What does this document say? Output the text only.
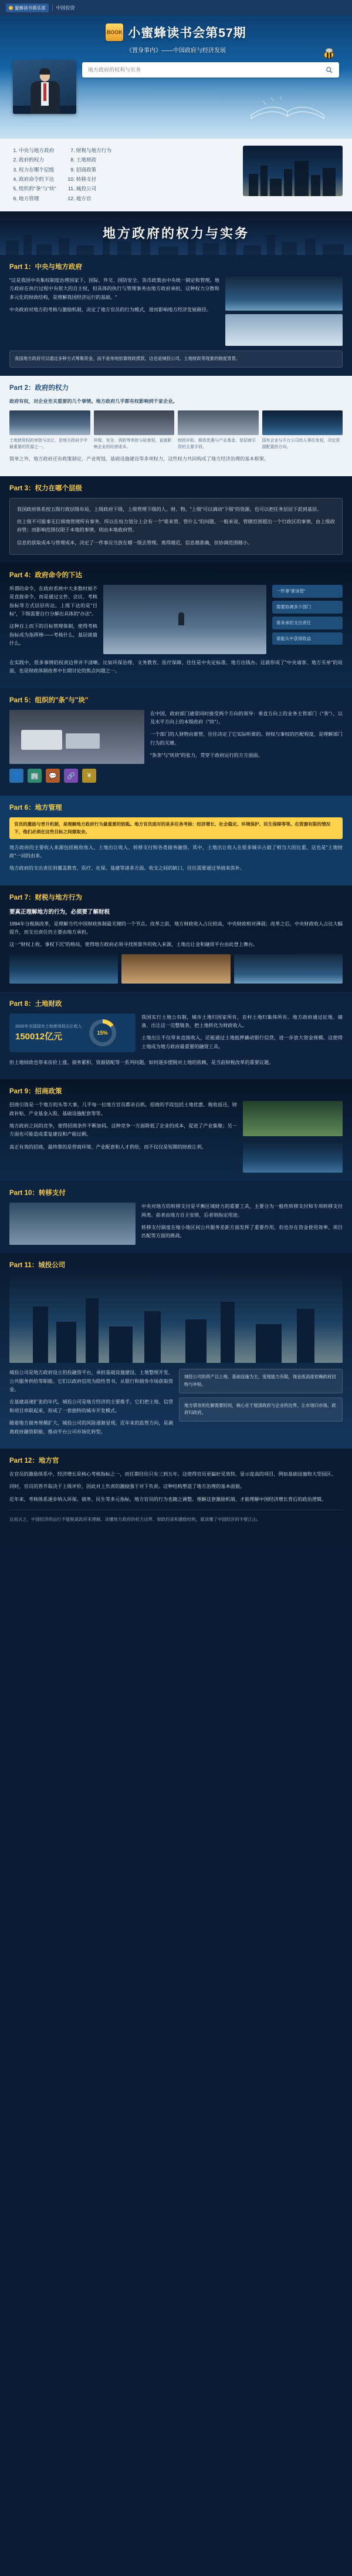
蜜蜂读书俱乐部 中国投资
BOOK 小蜜蜂读书会第57期
《置身事内》——中国政府与经济发展
地方政府的权利与实务
1. 中央与地方政府
2. 政府的权力
3. 权力在哪个层级
4. 政府命令的下达
5. 组织的"条"与"块"
6. 地方管理
7. 财税与地方行为
8. 土地财政
9. 招商政策
10. 转移支付
11. 城投公司
12. 地方官
地方政府的权力与实务
Part 1：中央与地方政府

"这是我国中央集权制度治理国家下，国际、外交、国防安全、货币政策由中央统一制定和管理。地方政府在执行过程中有很大的自主权，但具体的执行与管理事务由地方政府承担，这种权力分散和多元化的财政结构，是理解我国经济运行的基础。"

中央政府对地方的考核与激励机制，决定了地方官员的行为模式，进而影响地方经济发展路径。

我国地方政府可以通过多种方式筹集资金，而不是单纯依靠财政拨款，这也是城投公司、土地财政等现象的制度背景。
Part 2：政府的权力

政府有权，对企业至关重要的几个事情。地方政府几乎都有权影响到千家企业。

土地使用权的审批与出让，是地方政府手中最重要的资源之一。
环保、安全、消防等审批与检查权，直接影响企业的经营成本。
财政补贴、税收优惠与产业基金，是招商引资的主要手段。
国有企业与平台公司的人事任免权，决定资源配置的方向。

简单之外，地方政府还有政策制定、产业规划、基础设施建设等多项权力，这些权力共同构成了地方经济治理的基本框架。

Part 3：权力在哪个层级

我国政府体系按五级行政层级布局，上级政府下级，上级管理下级的人、财、物。"上级"可以调动"下级"的资源，也可以把任务层层下派到基层。

但上级不可能事无巨细地管理所有事务，所以在权力划分上会有一个"谁来管、管什么"的问题。一般来说，管辖范围超出一个行政区的事情，由上级政府管；而影响范围仅限于本地的事情，则由本地政府管。

信息的获取成本与管理成本，决定了一件事应当放在哪一级去管理。离得越近，信息越准确，但协调范围越小。

Part 4：政府命令的下达

所谓的命令，在政府系统中大多数时候不是直接命令，而是通过文件、会议、考核指标等方式层层传达。上级下达的是"目标"，下级需要自行分解出具体的"办法"。

这种自上而下的目标管理体制，使得考核指标成为指挥棒——考核什么，基层就做什么。

一件事"谁该管"
需要协调多少部门
谁来承担支出责任
谁能从中获得收益

在实践中，很多事情的权责边界并不清晰。比如环保治理、义务教育、医疗保障，往往是中央定标准、地方出钱办。这就形成了"中央请客、地方买单"的局面，也是财政体制改革中长期讨论的焦点问题之一。

Part 5：组织的"条"与"块"

在中国，政府部门通常同时接受两个方向的领导：垂直方向上的业务主管部门（"条"），以及水平方向上的本级政府（"块"）。

一个部门的人财物由谁管，往往决定了它实际听谁的。财权与事权的匹配程度，是理解部门行为的关键。

"条条"与"块块"的张力，贯穿于政府运行的方方面面。

👤	🏢	💬	🔗	¥
Part 6：地方管理
官员的激励与晋升机制，是理解地方政府行为最重要的钥匙。地方官员面对的是多任务考核：经济增长、社会稳定、环境保护、民生保障等等。在资源有限的情况下，他们必须在这些目标之间做取舍。

地方政府的主要收入来源包括税收收入、土地出让收入、转移支付和各类债务融资。其中，土地出让收入在很多城市占据了相当大的比重，这也是"土地财政"一词的由来。

地方政府的支出责任则覆盖教育、医疗、社保、基建等诸多方面。收支之间的缺口，往往需要通过举债来弥补。

Part 7：财税与地方行为
要真正理解地方的行为，必须要了解财税

1994年分税制改革，是理解当代中国财政体制最关键的一个节点。改革之前，地方财政收入占比较高，中央财政相对薄弱；改革之后，中央财政收入占比大幅提升，而支出责任仍主要由地方承担。

这一"财权上收、事权下沉"的格局，使得地方政府必须寻找预算外的收入来源，土地出让金和融资平台由此登上舞台。

Part 8：土地财政
2020年全国国有土地使用权出让收入
150012亿元	15%

我国实行土地公有制，城市土地归国家所有，农村土地归集体所有。地方政府通过征地、储备、出让这一完整链条，把土地转化为财政收入。

土地出让不仅带来直接收入，还能通过土地抵押撬动银行信贷，进一步放大资金规模。这使得土地成为地方政府最重要的融资工具。

但土地财政也带来房价上涨、债务累积、资源错配等一系列问题。如何逐步摆脱对土地的依赖，是当前财税改革的重要议题。

Part 9：招商政策

招商引资是一个地方的头等大事，几乎每一位地方官员都亲自抓。招商的手段包括土地优惠、税收返还、财政补贴、产业基金入股、基础设施配套等等。

地方政府之间的竞争，使得招商条件不断加码。这种竞争一方面降低了企业的成本，促进了产业集聚；另一方面也可能造成重复建设和产能过剩。

真正有效的招商，最终靠的是营商环境、产业配套和人才供给，而不仅仅是短期的财政让利。

Part 10：转移支付

中央对地方的转移支付是平衡区域财力的重要工具，主要分为一般性转移支付和专项转移支付两类。前者由地方自主安排，后者则指定用途。

转移支付制度在缩小地区间公共服务差距方面发挥了重要作用，但也存在资金使用效率、项目匹配等方面的挑战。

Part 11：城投公司

城投公司是地方政府设立的投融资平台，承担基础设施建设、土地整理开发、公共服务供给等职能。它们以政府信用为隐性背书，从银行和债券市场获取资金。

在基建高速扩张的年代，城投公司是地方经济的主要推手。它们把土地、信贷和项目串联起来，形成了一套独特的城市开发模式。

随着地方债务规模扩大，城投公司的风险逐渐显现。近年来的监管方向，是剥离政府融资职能、推动平台公司市场化转型。

城投公司的资产以土地、基础设施为主，变现能力有限，现金流高度依赖政府回购与补贴。
地方债务的化解需要时间，核心在于厘清政府与企业的边界，让市场归市场、政府归政府。
Part 12：地方官

在官员的激励体系中，经济增长是核心考核指标之一，而任期往往只有三到五年。这使得官员更偏好见效快、显示度高的项目，例如基础设施和大型园区。

同时，官员的晋升取决于上级评价，因此对上负责的激励强于对下负责。这种结构塑造了地方治理的基本面貌。

近年来，考核体系逐步纳入环保、债务、民生等多元指标，地方官员的行为也随之调整。理解这套激励机制，才能理解中国经济增长背后的政治逻辑。

总而言之，中国经济的运行不能脱离政府来理解。读懂地方政府的权力边界、财政约束和激励结构，就读懂了中国经济的半壁江山。
